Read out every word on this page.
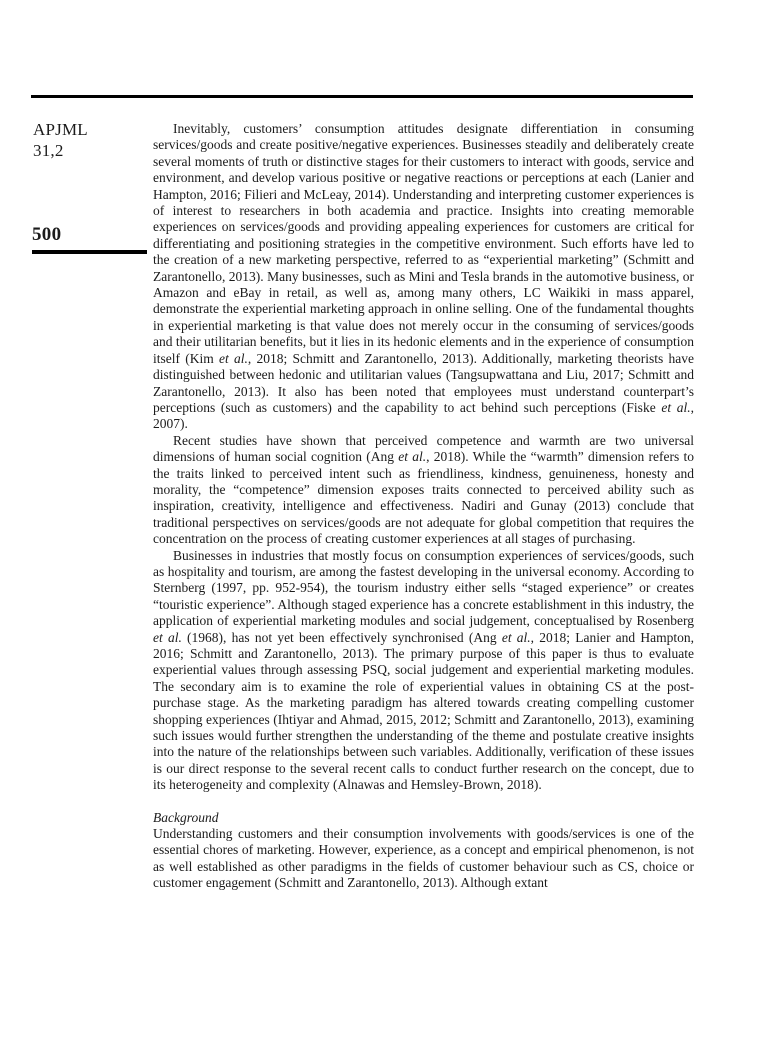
APJML
31,2
500

Inevitably, customers’ consumption attitudes designate differentiation in consuming services/goods and create positive/negative experiences. Businesses steadily and deliberately create several moments of truth or distinctive stages for their customers to interact with goods, service and environment, and develop various positive or negative reactions or perceptions at each (Lanier and Hampton, 2016; Filieri and McLeay, 2014). Understanding and interpreting customer experiences is of interest to researchers in both academia and practice. Insights into creating memorable experiences on services/goods and providing appealing experiences for customers are critical for differentiating and positioning strategies in the competitive environment. Such efforts have led to the creation of a new marketing perspective, referred to as “experiential marketing” (Schmitt and Zarantonello, 2013). Many businesses, such as Mini and Tesla brands in the automotive business, or Amazon and eBay in retail, as well as, among many others, LC Waikiki in mass apparel, demonstrate the experiential marketing approach in online selling. One of the fundamental thoughts in experiential marketing is that value does not merely occur in the consuming of services/goods and their utilitarian benefits, but it lies in its hedonic elements and in the experience of consumption itself (Kim et al., 2018; Schmitt and Zarantonello, 2013). Additionally, marketing theorists have distinguished between hedonic and utilitarian values (Tangsupwattana and Liu, 2017; Schmitt and Zarantonello, 2013). It also has been noted that employees must understand counterpart’s perceptions (such as customers) and the capability to act behind such perceptions (Fiske et al., 2007).

Recent studies have shown that perceived competence and warmth are two universal dimensions of human social cognition (Ang et al., 2018). While the “warmth” dimension refers to the traits linked to perceived intent such as friendliness, kindness, genuineness, honesty and morality, the “competence” dimension exposes traits connected to perceived ability such as inspiration, creativity, intelligence and effectiveness. Nadiri and Gunay (2013) conclude that traditional perspectives on services/goods are not adequate for global competition that requires the concentration on the process of creating customer experiences at all stages of purchasing.

Businesses in industries that mostly focus on consumption experiences of services/goods, such as hospitality and tourism, are among the fastest developing in the universal economy. According to Sternberg (1997, pp. 952-954), the tourism industry either sells “staged experience” or creates “touristic experience”. Although staged experience has a concrete establishment in this industry, the application of experiential marketing modules and social judgement, conceptualised by Rosenberg et al. (1968), has not yet been effectively synchronised (Ang et al., 2018; Lanier and Hampton, 2016; Schmitt and Zarantonello, 2013). The primary purpose of this paper is thus to evaluate experiential values through assessing PSQ, social judgement and experiential marketing modules. The secondary aim is to examine the role of experiential values in obtaining CS at the post-purchase stage. As the marketing paradigm has altered towards creating compelling customer shopping experiences (Ihtiyar and Ahmad, 2015, 2012; Schmitt and Zarantonello, 2013), examining such issues would further strengthen the understanding of the theme and postulate creative insights into the nature of the relationships between such variables. Additionally, verification of these issues is our direct response to the several recent calls to conduct further research on the concept, due to its heterogeneity and complexity (Alnawas and Hemsley-Brown, 2018).

Background

Understanding customers and their consumption involvements with goods/services is one of the essential chores of marketing. However, experience, as a concept and empirical phenomenon, is not as well established as other paradigms in the fields of customer behaviour such as CS, choice or customer engagement (Schmitt and Zarantonello, 2013). Although extant
